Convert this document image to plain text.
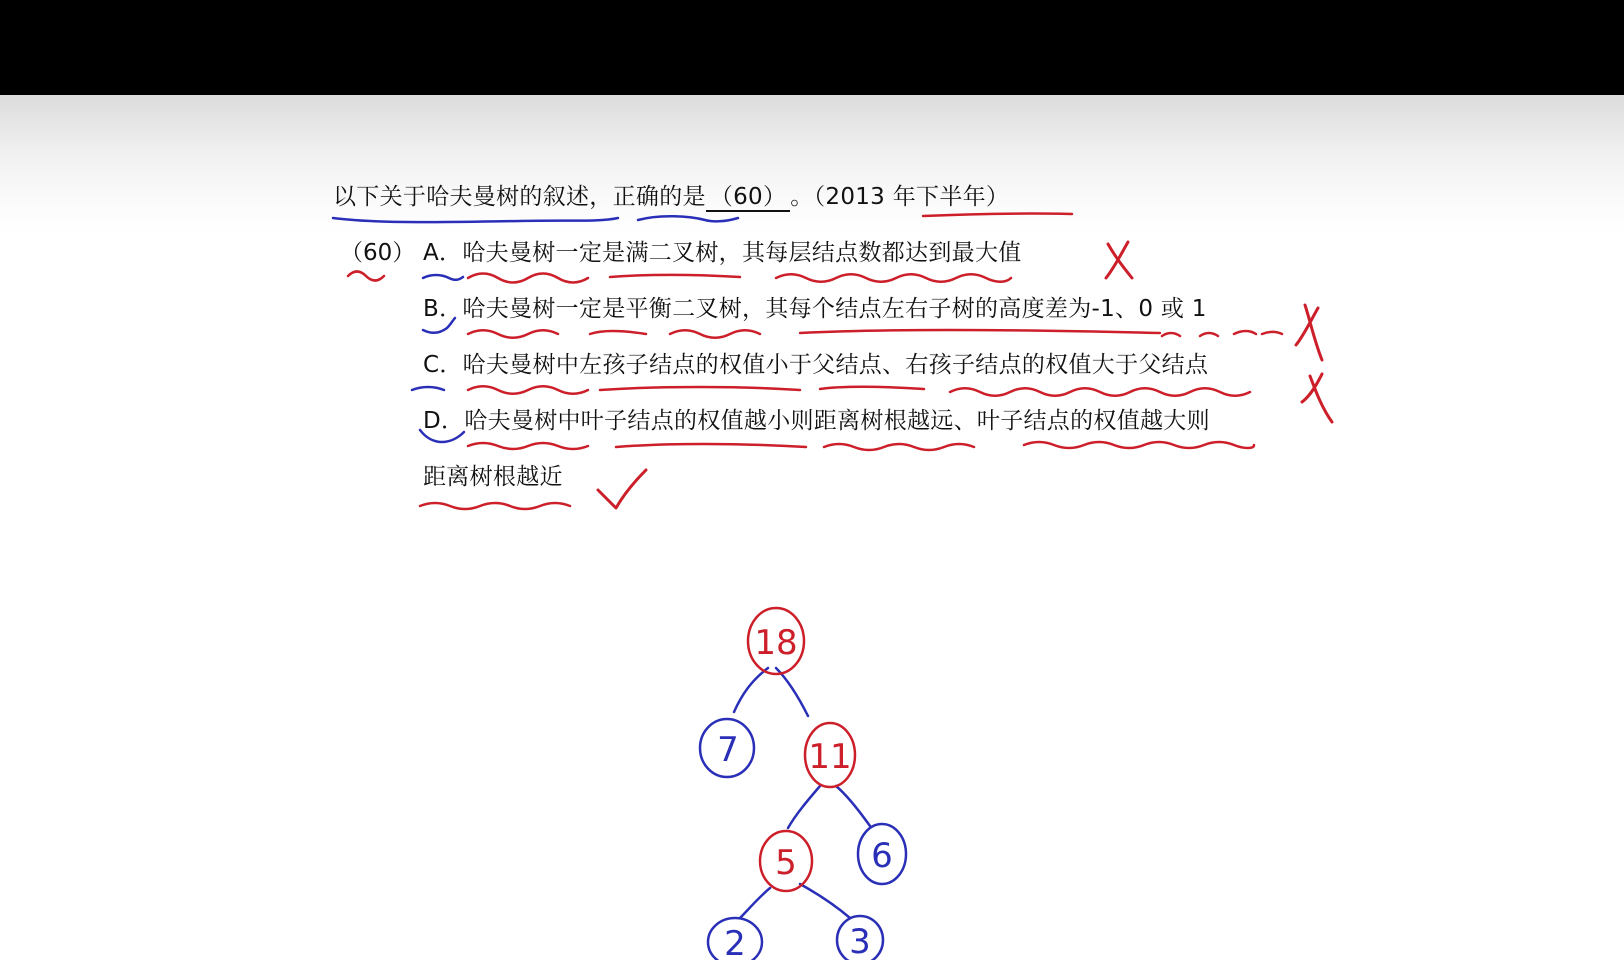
以下关于哈夫曼树的叙述，正确的是 （60） 。（2013 年下半年）
（60） A．哈夫曼树一定是满二叉树，其每层结点数都达到最大值
B．哈夫曼树一定是平衡二叉树，其每个结点左右子树的高度差为-1、0 或 1
C．哈夫曼树中左孩子结点的权值小于父结点、右孩子结点的权值大于父结点
D．哈夫曼树中叶子结点的权值越小则距离树根越远、叶子结点的权值越大则
距离树根越近
18
7 11
5 6
2	3
